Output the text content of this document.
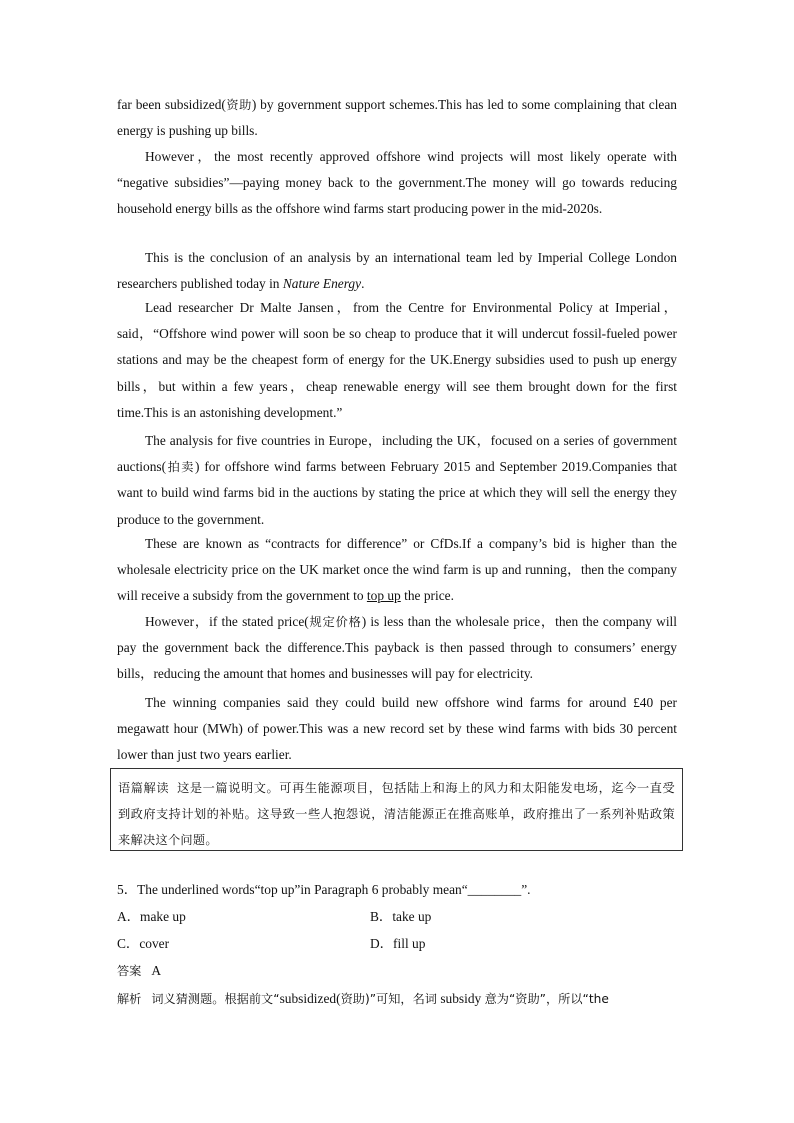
far been subsidized(资助) by government support schemes.This has led to some complaining that clean energy is pushing up bills.

However，the most recently approved offshore wind projects will most likely operate with “negative subsidies”—paying money back to the government.The money will go towards reducing household energy bills as the offshore wind farms start producing power in the mid-2020s.

This is the conclusion of an analysis by an international team led by Imperial College London researchers published today in Nature Energy.

Lead researcher Dr Malte Jansen，from the Centre for Environmental Policy at Imperial，said，“Offshore wind power will soon be so cheap to produce that it will undercut fossil-fueled power stations and may be the cheapest form of energy for the UK.Energy subsidies used to push up energy bills，but within a few years，cheap renewable energy will see them brought down for the first time.This is an astonishing development.”

The analysis for five countries in Europe，including the UK，focused on a series of government auctions(拍卖) for offshore wind farms between February 2015 and September 2019.Companies that want to build wind farms bid in the auctions by stating the price at which they will sell the energy they produce to the government.

These are known as “contracts for difference” or CfDs.If a company’s bid is higher than the wholesale electricity price on the UK market once the wind farm is up and running，then the company will receive a subsidy from the government to top up the price.

However，if the stated price(规定价格) is less than the wholesale price，then the company will pay the government back the difference.This payback is then passed through to consumers’ energy bills，reducing the amount that homes and businesses will pay for electricity.

The winning companies said they could build new offshore wind farms for around £40 per megawatt hour (MWh) of power.This was a new record set by these wind farms with bids 30 percent lower than just two years earlier.

语篇解读 这是一篇说明文。可再生能源项目，包括陆上和海上的风力和太阳能发电场，迄今一直受到政府支持计划的补贴。这导致一些人抱怨说，清洁能源正在推高账单，政府推出了一系列补贴政策来解决这个问题。

5．The underlined words“top up”in Paragraph 6 probably mean“________”.

A．make up	B．take up
C．cover	D．fill up

答案 A

解析 词义猜测题。根据前文“subsidized(资助)”可知，名词 subsidy 意为“资助”，所以“the
